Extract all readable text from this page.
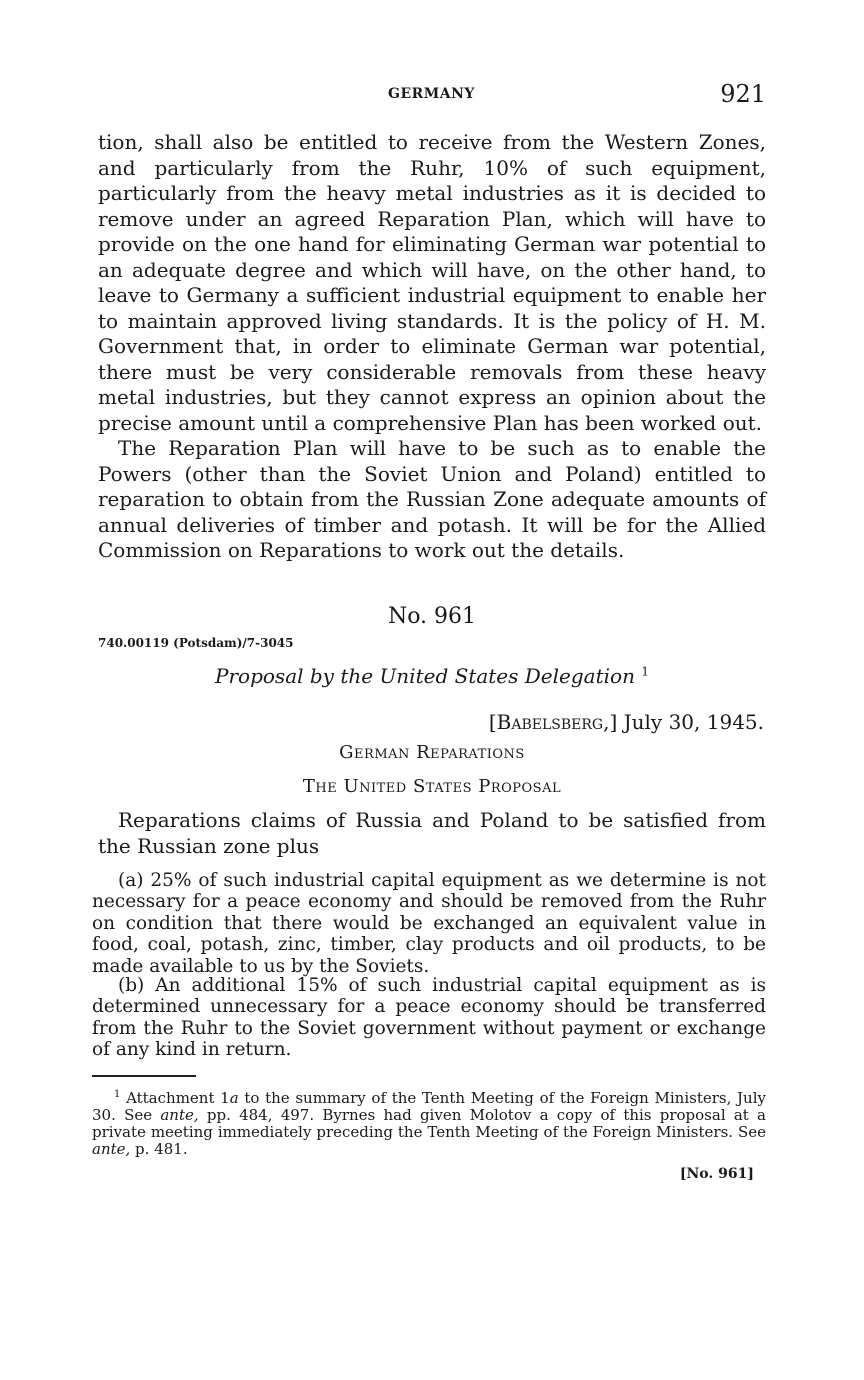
GERMANY	921

tion, shall also be entitled to receive from the Western Zones, and particularly from the Ruhr, 10% of such equipment, particularly from the heavy metal industries as it is decided to remove under an agreed Reparation Plan, which will have to provide on the one hand for eliminating German war potential to an adequate degree and which will have, on the other hand, to leave to Germany a sufficient industrial equipment to enable her to maintain approved living standards. It is the policy of H. M. Government that, in order to eliminate German war potential, there must be very considerable removals from these heavy metal industries, but they cannot express an opinion about the precise amount until a comprehensive Plan has been worked out.

The Reparation Plan will have to be such as to enable the Powers (other than the Soviet Union and Poland) entitled to reparation to obtain from the Russian Zone adequate amounts of annual deliveries of timber and potash. It will be for the Allied Commission on Reparations to work out the details.

No. 961
740.00119 (Potsdam)/7-3045
Proposal by the United States Delegation $^1$
[Babelsberg,] July 30, 1945.
German Reparations
The United States Proposal

Reparations claims of Russia and Poland to be satisfied from the Russian zone plus

(a) 25% of such industrial capital equipment as we determine is not necessary for a peace economy and should be removed from the Ruhr on condition that there would be exchanged an equivalent value in food, coal, potash, zinc, timber, clay products and oil products, to be made available to us by the Soviets.

(b) An additional 15% of such industrial capital equipment as is determined unnecessary for a peace economy should be transferred from the Ruhr to the Soviet government without payment or exchange of any kind in return.

$^1$ Attachment 1a to the summary of the Tenth Meeting of the Foreign Ministers, July 30. See ante, pp. 484, 497. Byrnes had given Molotov a copy of this proposal at a private meeting immediately preceding the Tenth Meeting of the Foreign Ministers. See ante, p. 481.

[No. 961]
